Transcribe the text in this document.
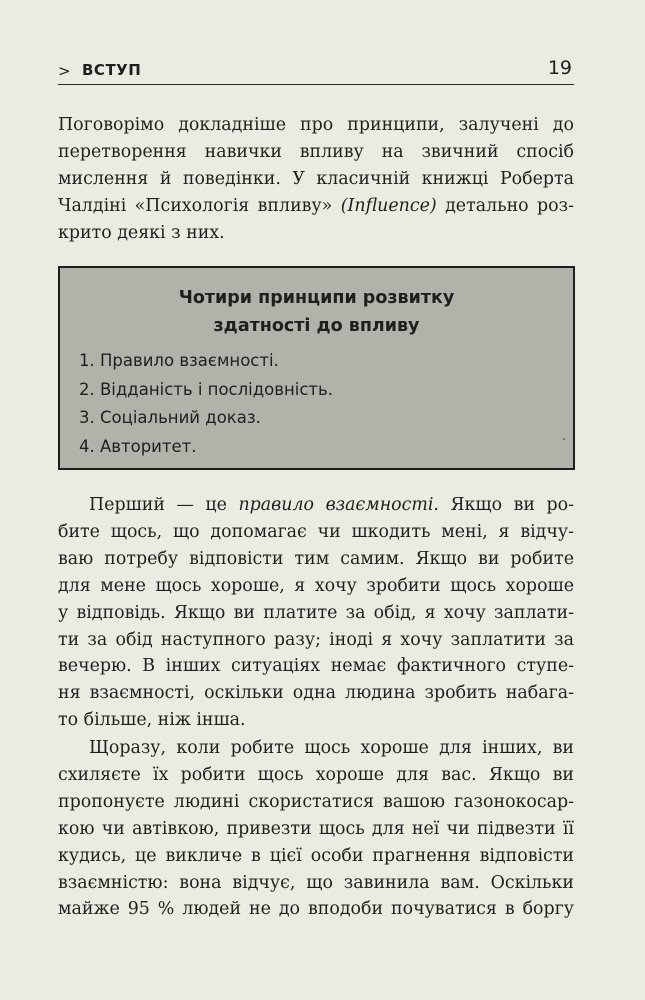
> ВСТУП	19
Поговорімо докладніше про принципи, залучені до
перетворення навички впливу на звичний спосіб
мислення й поведінки. У класичній книжці Роберта
Чалдіні «Психологія впливу» (Influence) детально роз-
крито деякі з них.
Чотири принципи розвитку
здатності до впливу
1. Правило взаємності.
2. Відданість і послідовність.
3. Соціальний доказ.
4. Авторитет.
Перший — це правило взаємності. Якщо ви ро-
бите щось, що допомагає чи шкодить мені, я відчу-
ваю потребу відповісти тим самим. Якщо ви робите
для мене щось хороше, я хочу зробити щось хороше
у відповідь. Якщо ви платите за обід, я хочу заплати-
ти за обід наступного разу; іноді я хочу заплатити за
вечерю. В інших ситуаціях немає фактичного ступе-
ня взаємності, оскільки одна людина зробить набага-
то більше, ніж інша.
Щоразу, коли робите щось хороше для інших, ви
схиляєте їх робити щось хороше для вас. Якщо ви
пропонуєте людині скористатися вашою газонокосар-
кою чи автівкою, привезти щось для неї чи підвезти її
кудись, це викличе в цієї особи прагнення відповісти
взаємністю: вона відчує, що завинила вам. Оскільки
майже 95 % людей не до вподоби почуватися в боргу
